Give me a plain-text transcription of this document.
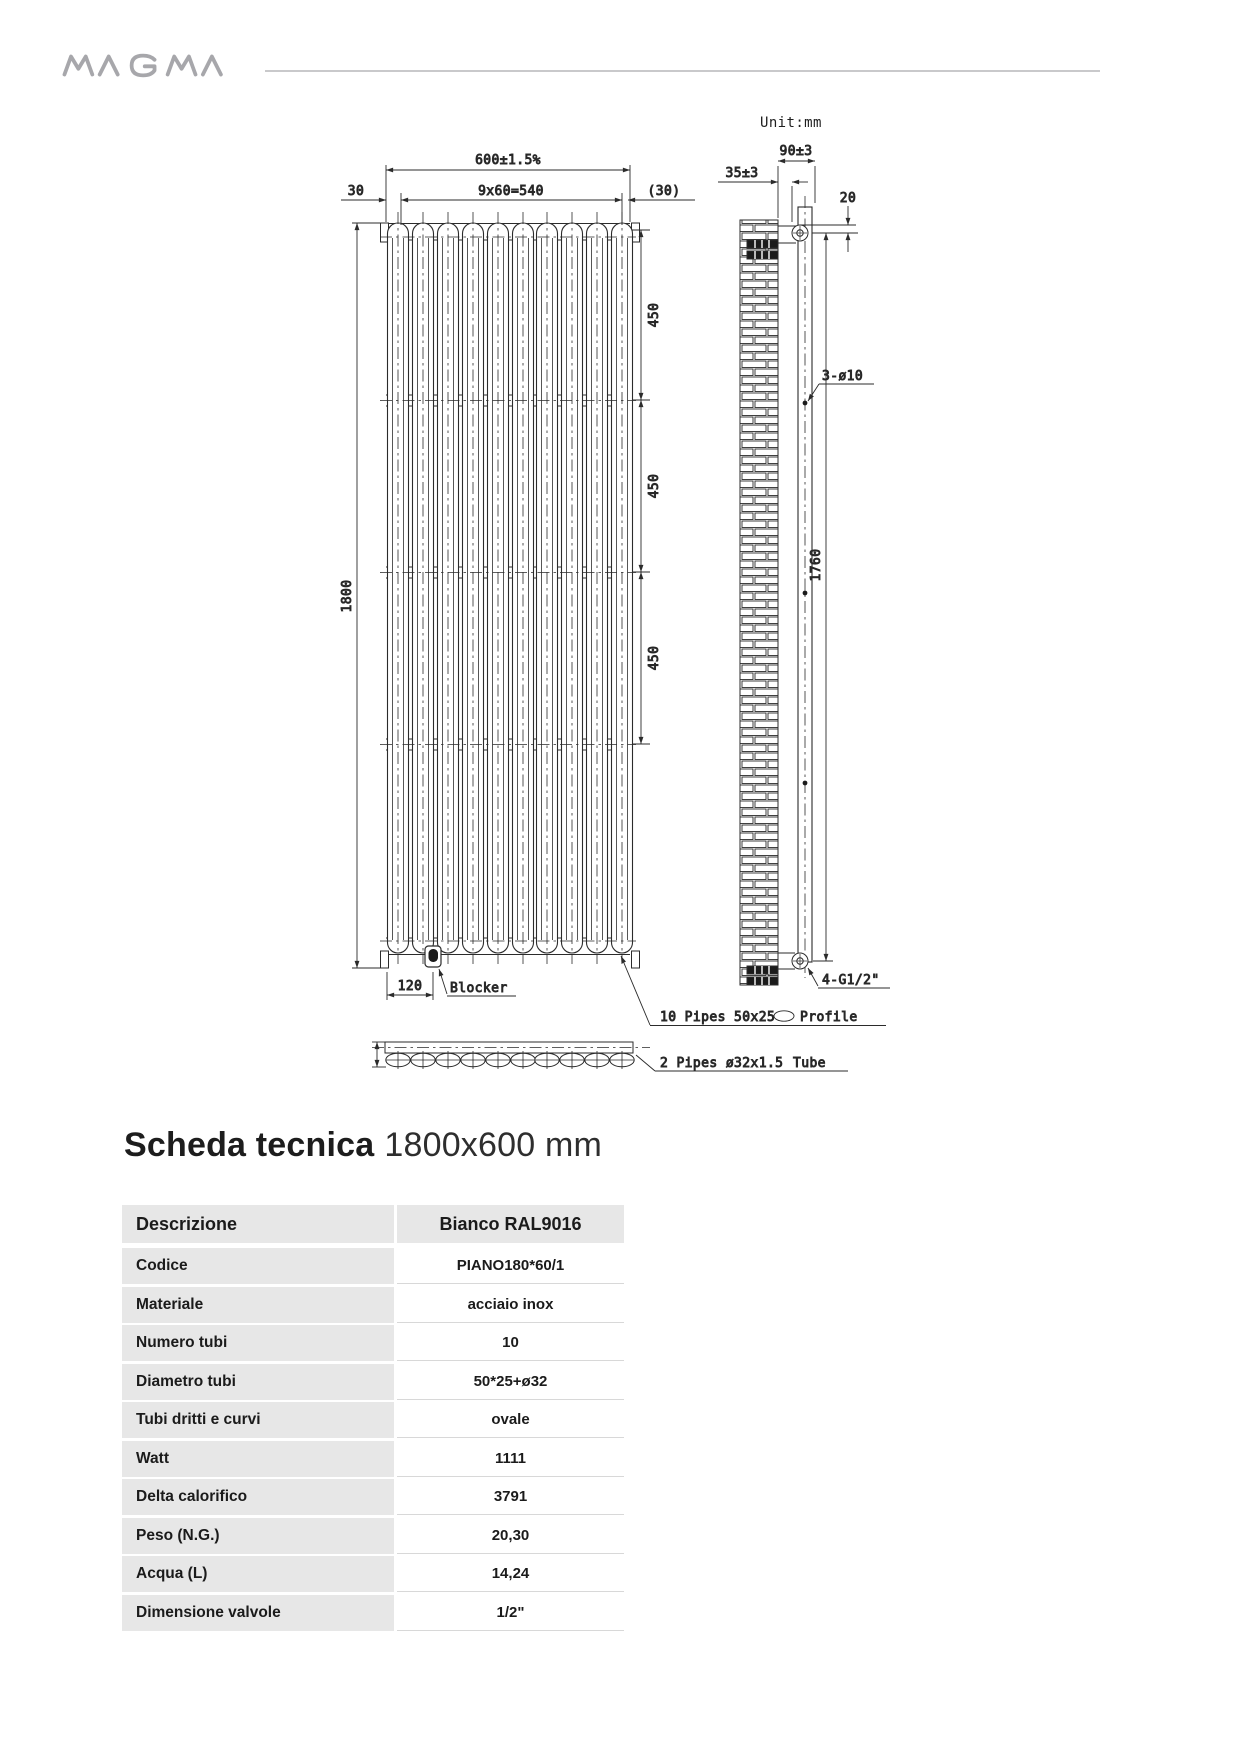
600±1.5%
9x60=540
30	(30)
1800
450
450
450
120 Blocker
10 Pipes 50x25 Profile
2 Pipes ø32x1.5 Tube
Unit:mm
90±3
35±3
20
3-ø10
1760
4-G1/2"
Scheda tecnica 1800x600 mm
Descrizione	Bianco RAL9016
Codice	PIANO180*60/1
Materiale	acciaio inox
Numero tubi	10
Diametro tubi	50*25+ø32
Tubi dritti e curvi	ovale
Watt	1111
Delta calorifico	3791
Peso (N.G.)	20,30
Acqua (L)	14,24
Dimensione valvole	1/2"
